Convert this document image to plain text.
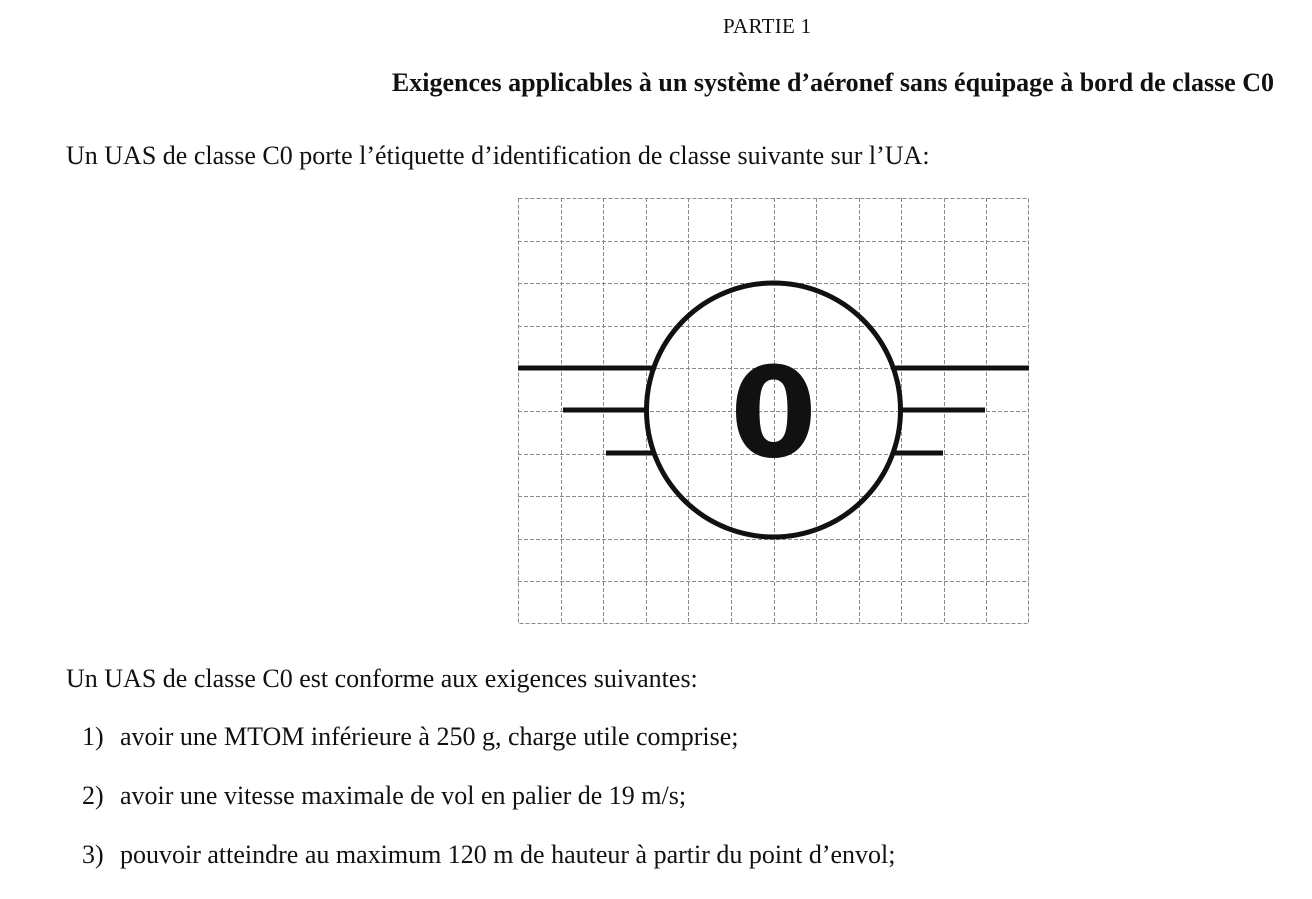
PARTIE 1
Exigences applicables à un système d’aéronef sans équipage à bord de classe C0
Un UAS de classe C0 porte l’étiquette d’identification de classe suivante sur l’UA:
0
Un UAS de classe C0 est conforme aux exigences suivantes:
1) avoir une MTOM inférieure à 250 g, charge utile comprise;
2) avoir une vitesse maximale de vol en palier de 19 m/s;
3) pouvoir atteindre au maximum 120 m de hauteur à partir du point d’envol;
